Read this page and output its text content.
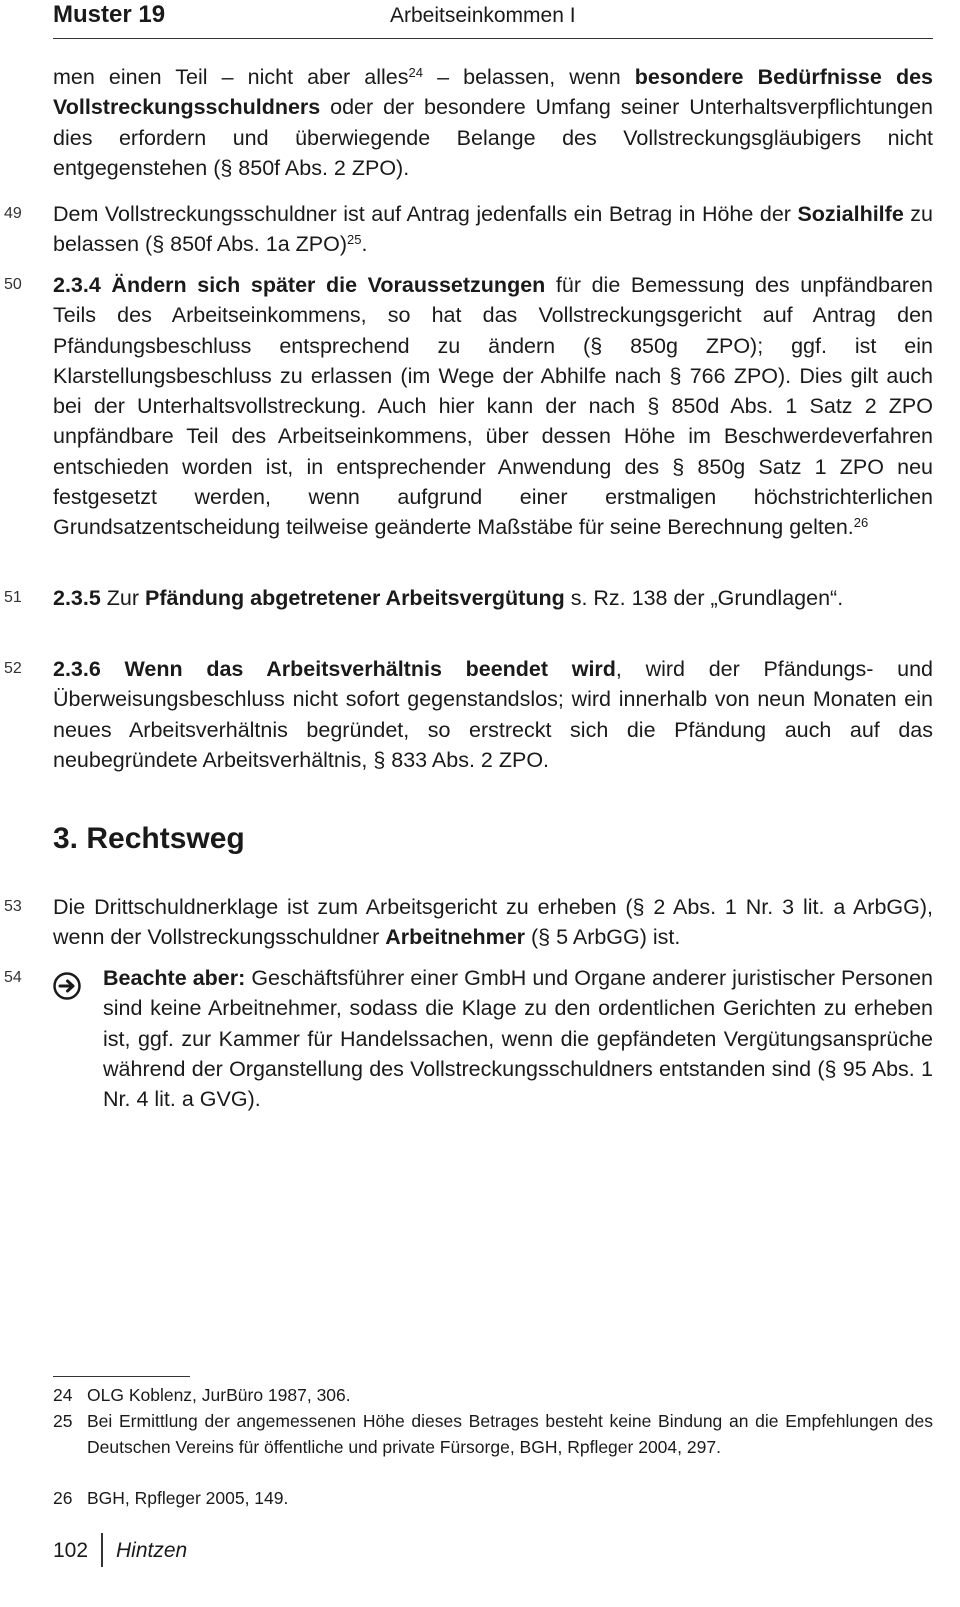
Muster 19	Arbeitseinkommen I
men einen Teil – nicht aber alles$^{24}$ – belassen, wenn besondere Bedürfnisse des Vollstreckungsschuldners oder der besondere Umfang seiner Unterhaltsverpflichtungen dies erfordern und überwiegende Belange des Vollstreckungsgläubigers nicht entgegenstehen (§ 850f Abs. 2 ZPO).
49 Dem Vollstreckungsschuldner ist auf Antrag jedenfalls ein Betrag in Höhe der Sozialhilfe zu belassen (§ 850f Abs. 1a ZPO)$^{25}$.
50 2.3.4 Ändern sich später die Voraussetzungen für die Bemessung des unpfändbaren Teils des Arbeitseinkommens, so hat das Vollstreckungsgericht auf Antrag den Pfändungsbeschluss entsprechend zu ändern (§ 850g ZPO); ggf. ist ein Klarstellungsbeschluss zu erlassen (im Wege der Abhilfe nach § 766 ZPO). Dies gilt auch bei der Unterhaltsvollstreckung. Auch hier kann der nach § 850d Abs. 1 Satz 2 ZPO unpfändbare Teil des Arbeitseinkommens, über dessen Höhe im Beschwerdeverfahren entschieden worden ist, in entsprechender Anwendung des § 850g Satz 1 ZPO neu festgesetzt werden, wenn aufgrund einer erstmaligen höchstrichterlichen Grundsatzentscheidung teilweise geänderte Maßstäbe für seine Berechnung gelten.$^{26}$
51 2.3.5 Zur Pfändung abgetretener Arbeitsvergütung s. Rz. 138 der „Grundlagen“.
52 2.3.6 Wenn das Arbeitsverhältnis beendet wird, wird der Pfändungs- und Überweisungsbeschluss nicht sofort gegenstandslos; wird innerhalb von neun Monaten ein neues Arbeitsverhältnis begründet, so erstreckt sich die Pfändung auch auf das neubegründete Arbeitsverhältnis, § 833 Abs. 2 ZPO.
3. Rechtsweg
53 Die Drittschuldnerklage ist zum Arbeitsgericht zu erheben (§ 2 Abs. 1 Nr. 3 lit. a ArbGG), wenn der Vollstreckungsschuldner Arbeitnehmer (§ 5 ArbGG) ist.
54	Beachte aber: Geschäftsführer einer GmbH und Organe anderer juristischer Personen sind keine Arbeitnehmer, sodass die Klage zu den ordentlichen Gerichten zu erheben ist, ggf. zur Kammer für Handelssachen, wenn die gepfändeten Vergütungsansprüche während der Organstellung des Vollstreckungsschuldners entstanden sind (§ 95 Abs. 1 Nr. 4 lit. a GVG).
24 OLG Koblenz, JurBüro 1987, 306.
25 Bei Ermittlung der angemessenen Höhe dieses Betrages besteht keine Bindung an die Empfehlungen des Deutschen Vereins für öffentliche und private Fürsorge, BGH, Rpfleger 2004, 297.
26 BGH, Rpfleger 2005, 149.
102 Hintzen
